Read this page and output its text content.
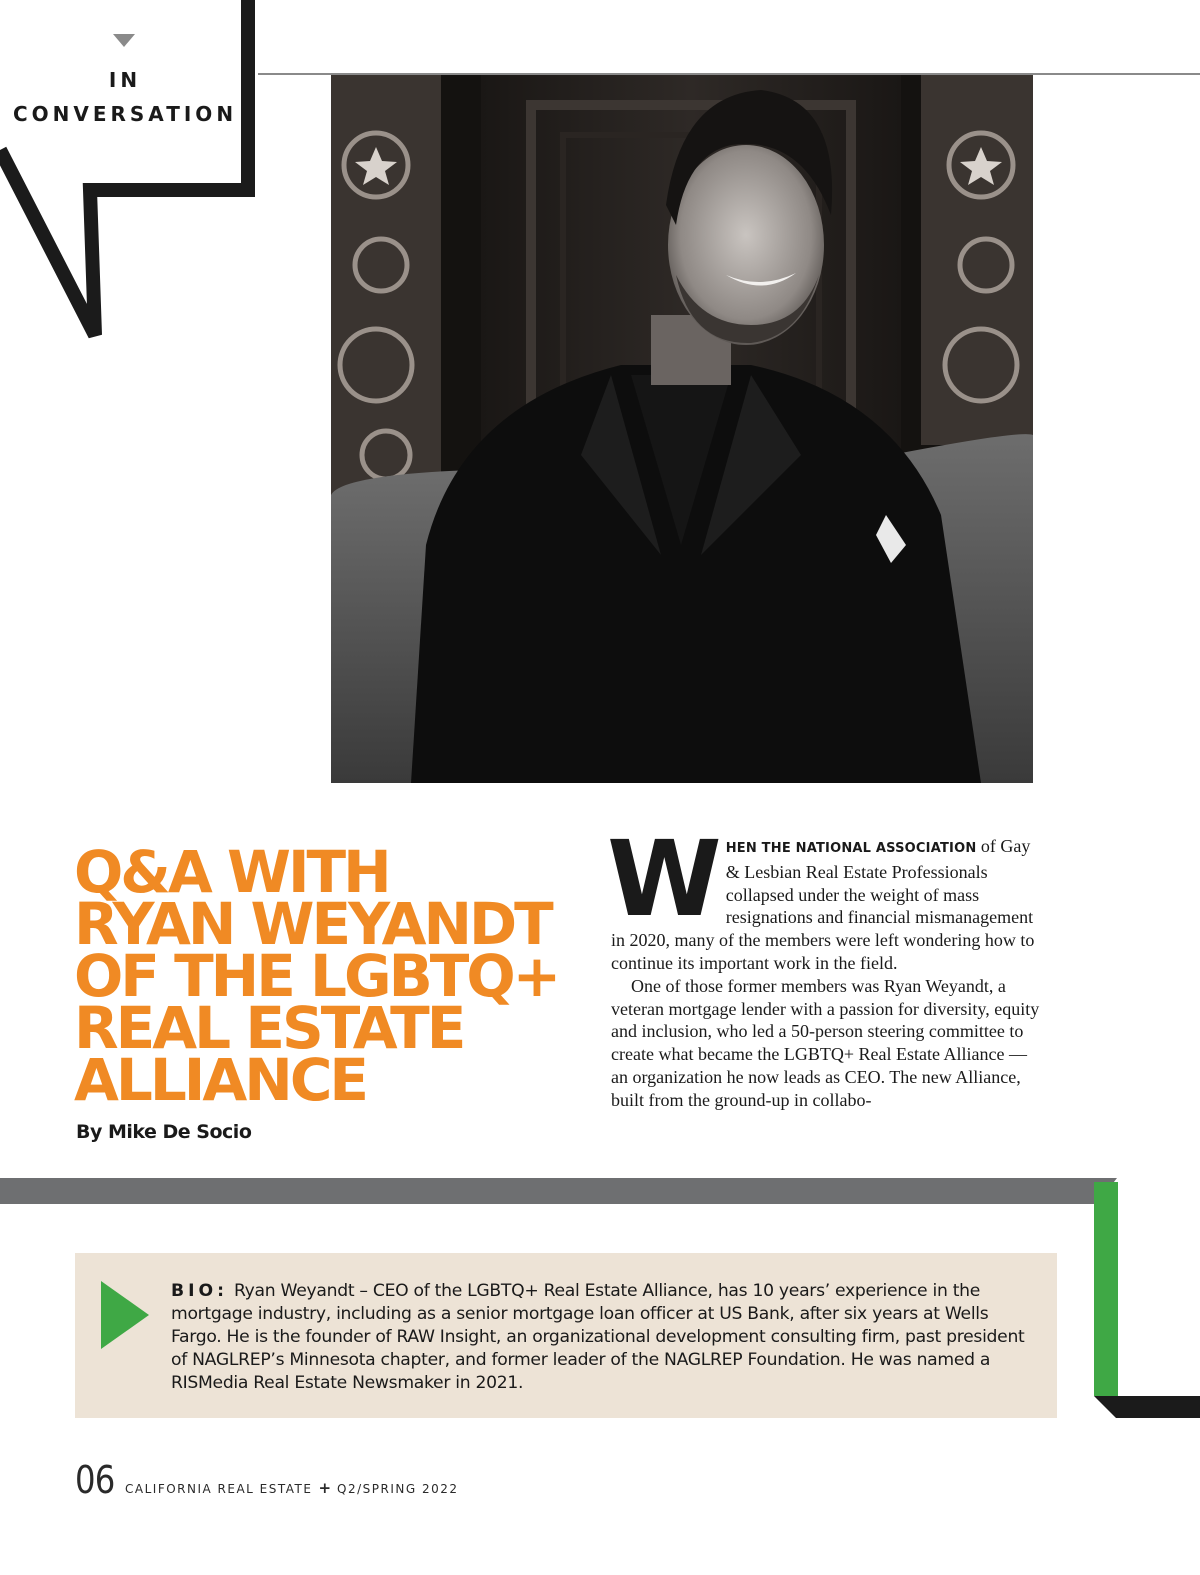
IN
CONVERSATION
Q&A WITH
RYAN WEYANDT
OF THE LGBTQ+
REAL ESTATE
ALLIANCE
By Mike De Socio

WHEN THE NATIONAL ASSOCIATION of Gay & Lesbian Real Estate Professionals collapsed under the weight of mass resignations and financial mismanagement in 2020, many of the members were left wondering how to continue its important work in the field.

One of those former members was Ryan Weyandt, a veteran mortgage lender with a passion for diversity, equity and inclusion, who led a 50-person steering committee to create what became the LGBTQ+ Real Estate Alliance — an organization he now leads as CEO. The new Alliance, built from the ground-up in collabo-

BIO: Ryan Weyandt – CEO of the LGBTQ+ Real Estate Alliance, has 10 years’ experience in the mortgage industry, including as a senior mortgage loan officer at US Bank, after six years at Wells Fargo. He is the founder of RAW Insight, an organizational development consulting firm, past president of NAGLREP’s Minnesota chapter, and former leader of the NAGLREP Foundation. He was named a RISMedia Real Estate Newsmaker in 2021.
06 CALIFORNIA REAL ESTATE + Q2/SPRING 2022
